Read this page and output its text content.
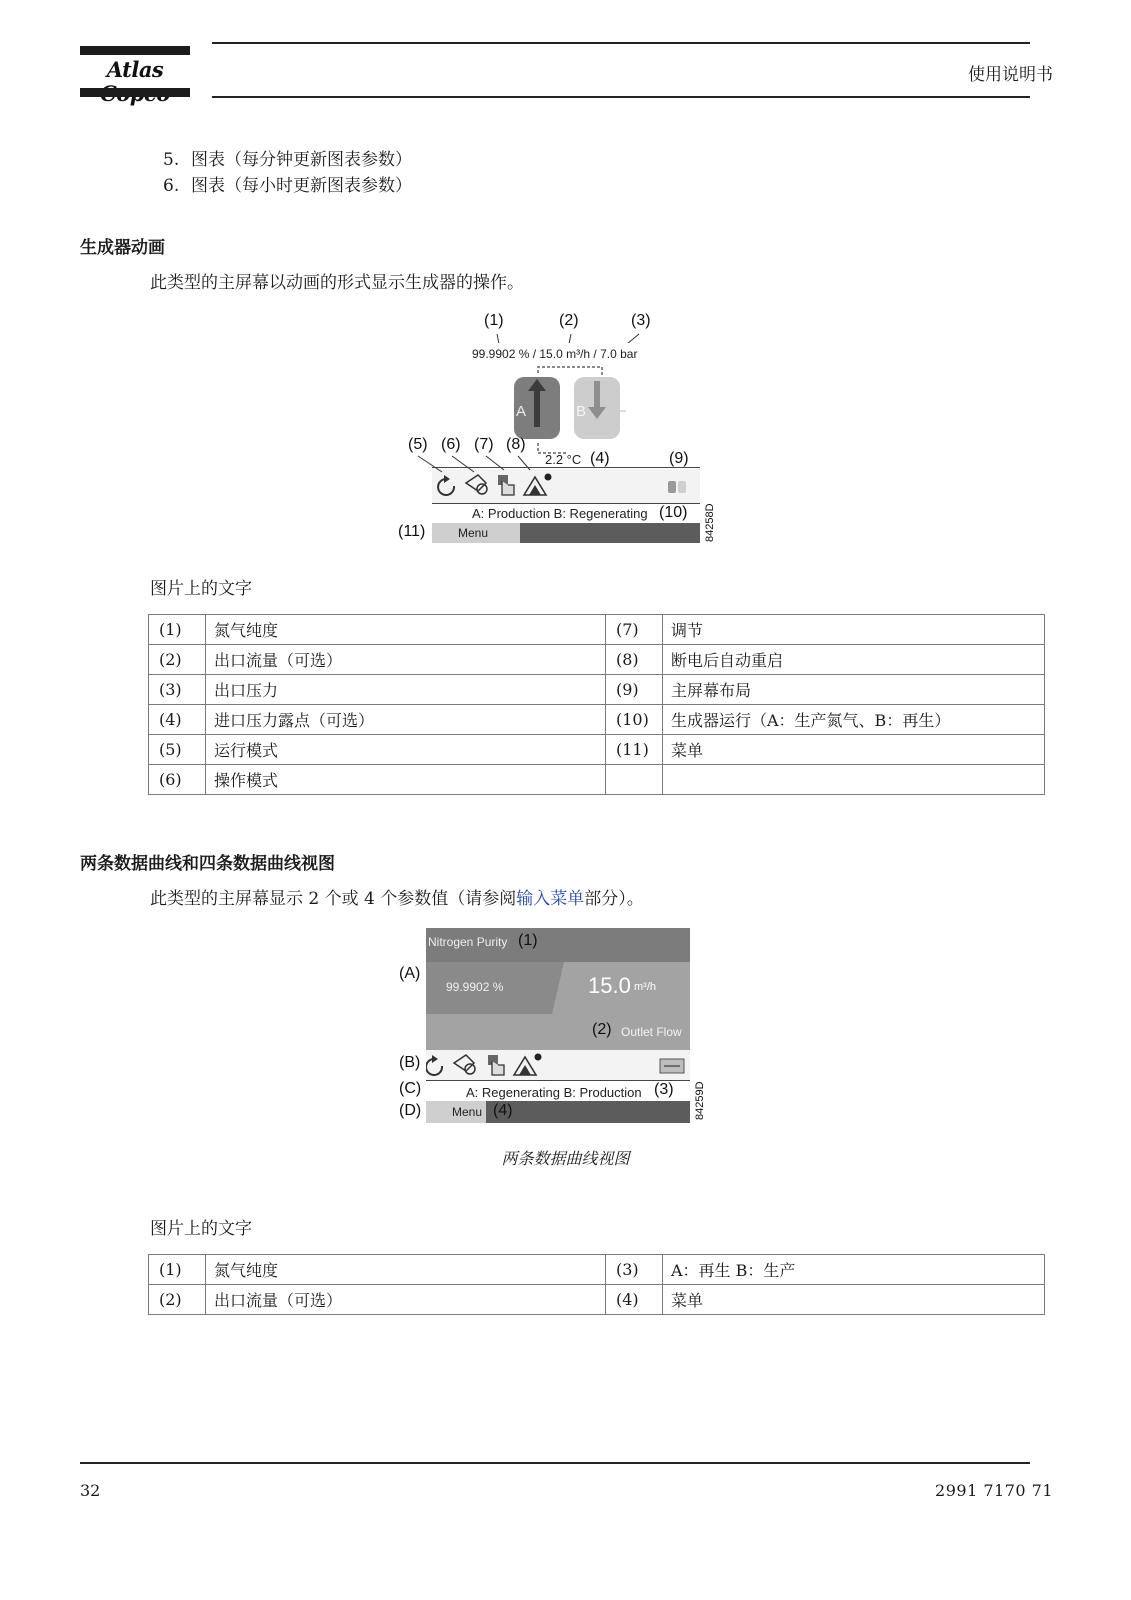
Atlas	使用说明书
5. 图表（每分钟更新图表参数）
6. 图表（每小时更新图表参数）
生成器动画
此类型的主屏幕以动画的形式显示生成器的操作。
(1)	(2)	(3)
99.9902 % / 15.0 m³/h / 7.0 bar
A	B
2.2 °C
A: Production B: Regenerating
Menu
(5) (6) (7) (8)
(4)	(9)
(10)
(11)	84258D
图片上的文字
(1)	氮气纯度	(7)	调节
(2)	出口流量（可选）	(8)	断电后自动重启
(3)	出口压力	(9)	主屏幕布局
(4)	进口压力露点（可选）	(10)	生成器运行（A：生产氮气、B：再生）
(5)	运行模式	(11)	菜单
(6)	操作模式		
两条数据曲线和四条数据曲线视图
此类型的主屏幕显示 2 个或 4 个参数值（请参阅输入菜单部分）。
(A)
(B)
(C)
(D)
Nitrogen Purity (1)
99.9902 %	15.0 m³/h
(2) Outlet Flow
A: Regenerating B: Production (3)
Menu (4)	84259D
两条数据曲线视图
图片上的文字
(1)	氮气纯度	(3)	A：再生 B：生产
(2)	出口流量（可选）	(4)	菜单
32	2991 7170 71
